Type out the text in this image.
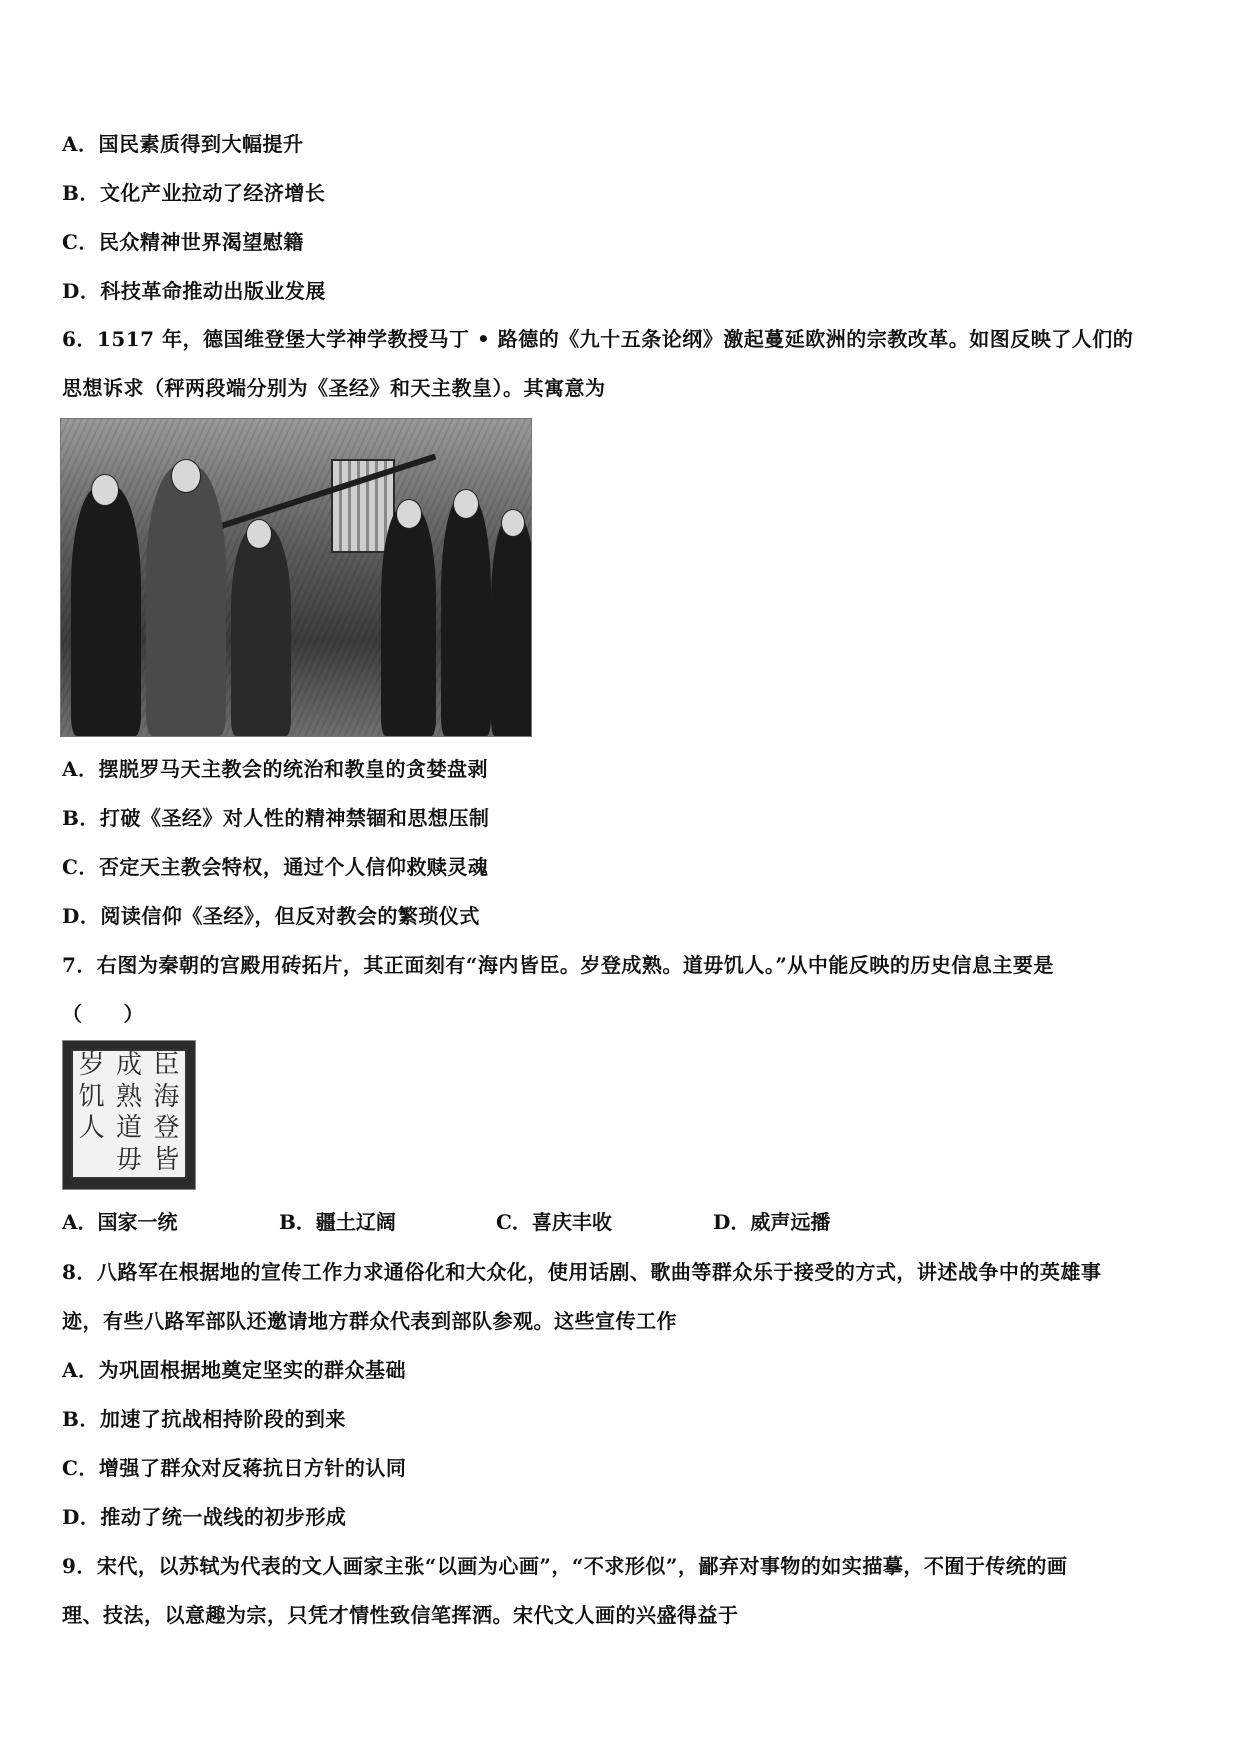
A．国民素质得到大幅提升
B．文化产业拉动了经济增长
C．民众精神世界渴望慰籍
D．科技革命推动出版业发展
6．1517 年，德国维登堡大学神学教授马丁 • 路德的《九十五条论纲》激起蔓延欧洲的宗教改革。如图反映了人们的
思想诉求（秤两段端分别为《圣经》和天主教皇）。其寓意为
A．摆脱罗马天主教会的统治和教皇的贪婪盘剥
B．打破《圣经》对人性的精神禁锢和思想压制
C．否定天主教会特权，通过个人信仰救赎灵魂
D．阅读信仰《圣经》，但反对教会的繁琐仪式
7．右图为秦朝的宫殿用砖拓片，其正面刻有“海内皆臣。岁登成熟。道毋饥人。”从中能反映的历史信息主要是
（　　）
岁 成 臣
饥 熟 海
人 道 登
毋 皆
A．国家一统	B．疆土辽阔	C．喜庆丰收	D．威声远播
8．八路军在根据地的宣传工作力求通俗化和大众化，使用话剧、歌曲等群众乐于接受的方式，讲述战争中的英雄事
迹，有些八路军部队还邀请地方群众代表到部队参观。这些宣传工作
A．为巩固根据地奠定坚实的群众基础
B．加速了抗战相持阶段的到来
C．增强了群众对反蒋抗日方针的认同
D．推动了统一战线的初步形成
9．宋代，以苏轼为代表的文人画家主张“以画为心画”，“不求形似”，鄙弃对事物的如实描摹，不囿于传统的画
理、技法，以意趣为宗，只凭才情性致信笔挥洒。宋代文人画的兴盛得益于
